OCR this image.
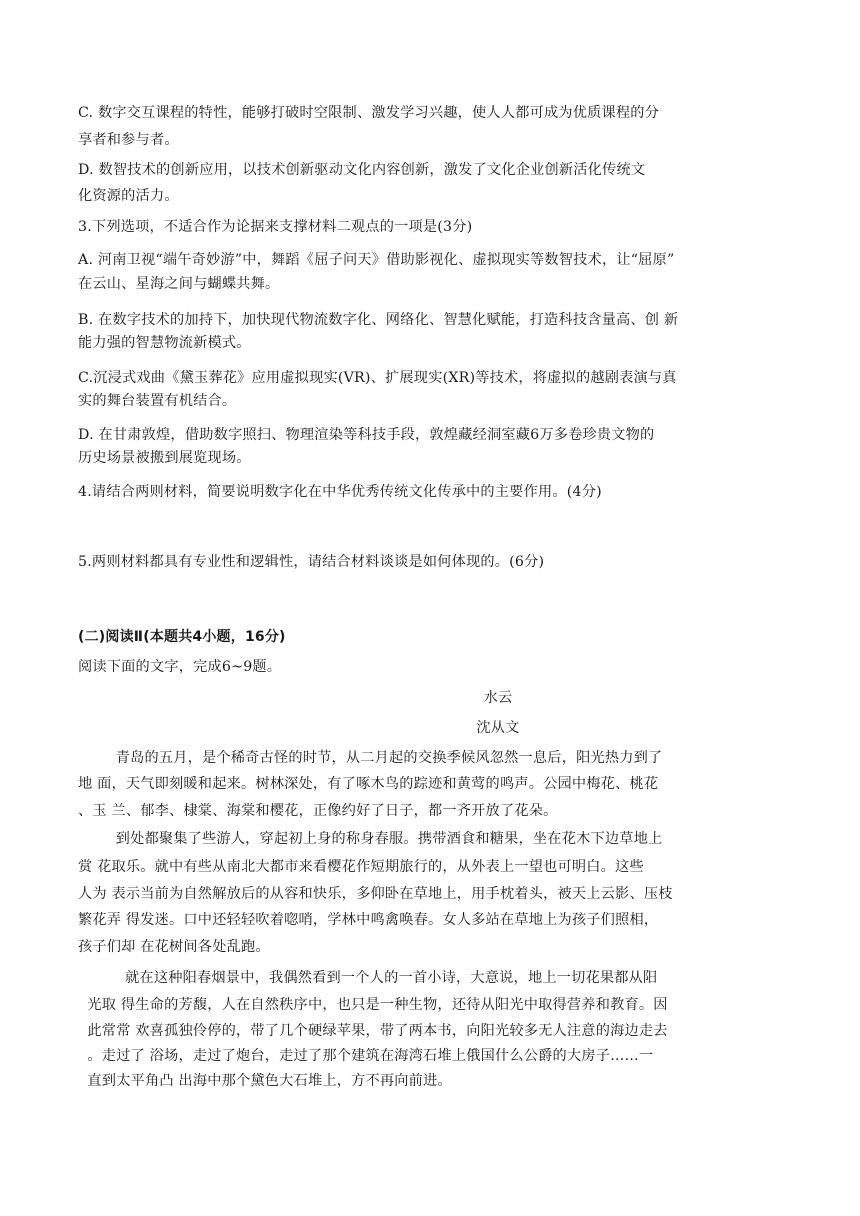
C. 数字交互课程的特性，能够打破时空限制、激发学习兴趣，使人人都可成为优质课程的分
享者和参与者。
D. 数智技术的创新应用，以技术创新驱动文化内容创新，激发了文化企业创新活化传统文
化资源的活力。
3.下列选项，不适合作为论据来支撑材料二观点的一项是(3分)
A. 河南卫视“端午奇妙游”中，舞蹈《屈子问天》借助影视化、虚拟现实等数智技术，让“屈原”
在云山、星海之间与蝴蝶共舞。
B. 在数字技术的加持下，加快现代物流数字化、网络化、智慧化赋能，打造科技含量高、创 新
能力强的智慧物流新模式。
C.沉浸式戏曲《黛玉葬花》应用虚拟现实(VR)、扩展现实(XR)等技术，将虚拟的越剧表演与真
实的舞台装置有机结合。
D. 在甘肃敦煌，借助数字照扫、物理渲染等科技手段，敦煌藏经洞室藏6万多卷珍贵文物的
历史场景被搬到展览现场。
4.请结合两则材料，简要说明数字化在中华优秀传统文化传承中的主要作用。(4分)
5.两则材料都具有专业性和逻辑性，请结合材料谈谈是如何体现的。(6分)
(二)阅读Ⅱ(本题共4小题，16分)
阅读下面的文字，完成6~9题。
水云
沈从文
青岛的五月，是个稀奇古怪的时节，从二月起的交换季候风忽然一息后，阳光热力到了
地 面，天气即刻暖和起来。树林深处，有了啄木鸟的踪迹和黄莺的鸣声。公园中梅花、桃花
、玉 兰、郁李、棣棠、海棠和樱花，正像约好了日子，都一齐开放了花朵。
到处都聚集了些游人，穿起初上身的称身春服。携带酒食和糖果，坐在花木下边草地上
赏 花取乐。就中有些从南北大都市来看樱花作短期旅行的，从外表上一望也可明白。这些
人为 表示当前为自然解放后的从容和快乐，多仰卧在草地上，用手枕着头，被天上云影、压枝
繁花弄 得发迷。口中还轻轻吹着唿哨，学林中鸣禽唤春。女人多站在草地上为孩子们照相，
孩子们却 在花树间各处乱跑。
就在这种阳春烟景中，我偶然看到一个人的一首小诗，大意说，地上一切花果都从阳
光取 得生命的芳馥，人在自然秩序中，也只是一种生物，还待从阳光中取得营养和教育。因
此常常 欢喜孤独伶停的，带了几个硬绿苹果，带了两本书，向阳光较多无人注意的海边走去
。走过了 浴场，走过了炮台，走过了那个建筑在海湾石堆上俄国什么公爵的大房子……一
直到太平角凸 出海中那个黛色大石堆上，方不再向前进。
